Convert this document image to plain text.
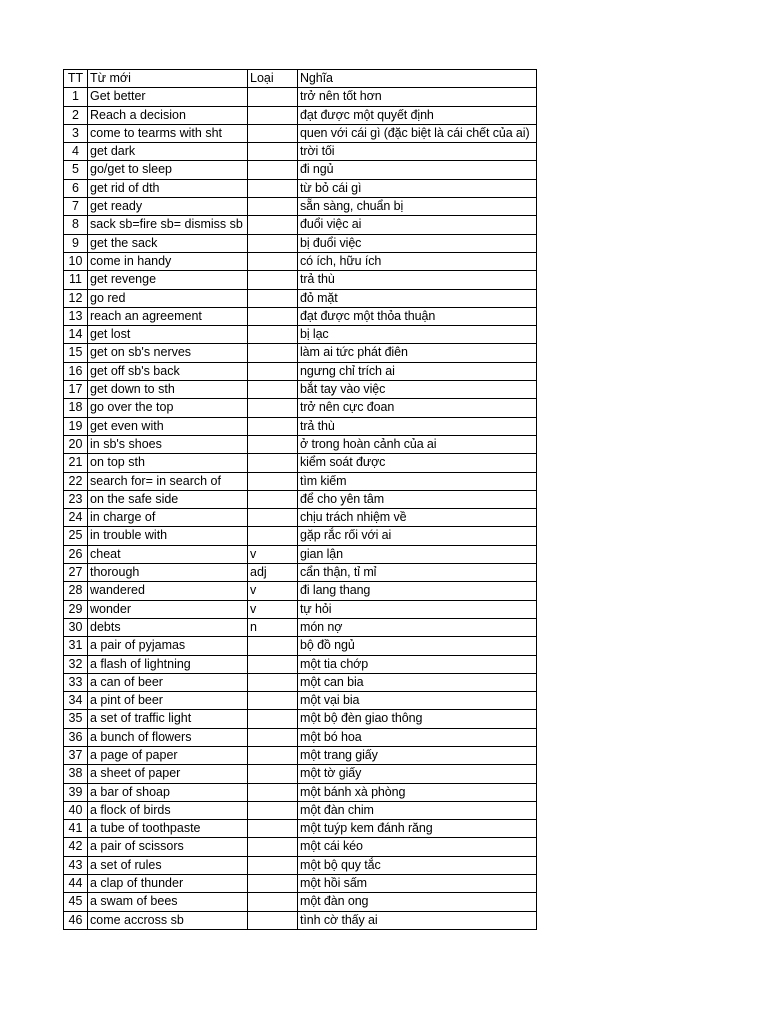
TT	Từ mới	Loại	Nghĩa
1	Get better		trở nên tốt hơn
2	Reach a decision		đạt được một quyết định
3	come to tearms with sht		quen với cái gì (đặc biệt là cái chết của ai)
4	get dark		trời tối
5	go/get to sleep		đi ngủ
6	get rid of dth		từ bỏ cái gì
7	get ready		sẵn sàng, chuẩn bị
8	sack sb=fire sb= dismiss sb		đuổi việc ai
9	get the sack		bị đuổi việc
10	come in handy		có ích, hữu ích
11	get revenge		trả thù
12	go red		đỏ mặt
13	reach an agreement		đạt được một thỏa thuận
14	get lost		bị lạc
15	get on sb's nerves		làm ai tức phát điên
16	get off sb's back		ngưng chỉ trích ai
17	get down to sth		bắt tay vào việc
18	go over the top		trở nên cực đoan
19	get even with		trả thù
20	in sb's shoes		ở trong hoàn cảnh của ai
21	on top sth		kiểm soát được
22	search for= in search of		tìm kiếm
23	on the safe side		để cho yên tâm
24	in charge of		chịu trách nhiệm về
25	in trouble with		gặp rắc rối với ai
26	cheat	v	gian lận
27	thorough	adj	cẩn thận, tỉ mỉ
28	wandered	v	đi lang thang
29	wonder	v	tự hỏi
30	debts	n	món nợ
31	a pair of pyjamas		bộ đồ ngủ
32	a flash of lightning		một tia chớp
33	a can of beer		một can bia
34	a pint of beer		một vại bia
35	a set of traffic light		một bộ đèn giao thông
36	a bunch of flowers		một bó hoa
37	a page of paper		một trang giấy
38	a sheet of paper		một tờ giấy
39	a bar of shoap		một bánh xà phòng
40	a flock of birds		một đàn chim
41	a tube of toothpaste		một tuýp kem đánh răng
42	a pair of scissors		một cái kéo
43	a set of rules		một bộ quy tắc
44	a clap of thunder		một hồi sấm
45	a swam of bees		một đàn ong
46	come accross sb		tình cờ thấy ai
